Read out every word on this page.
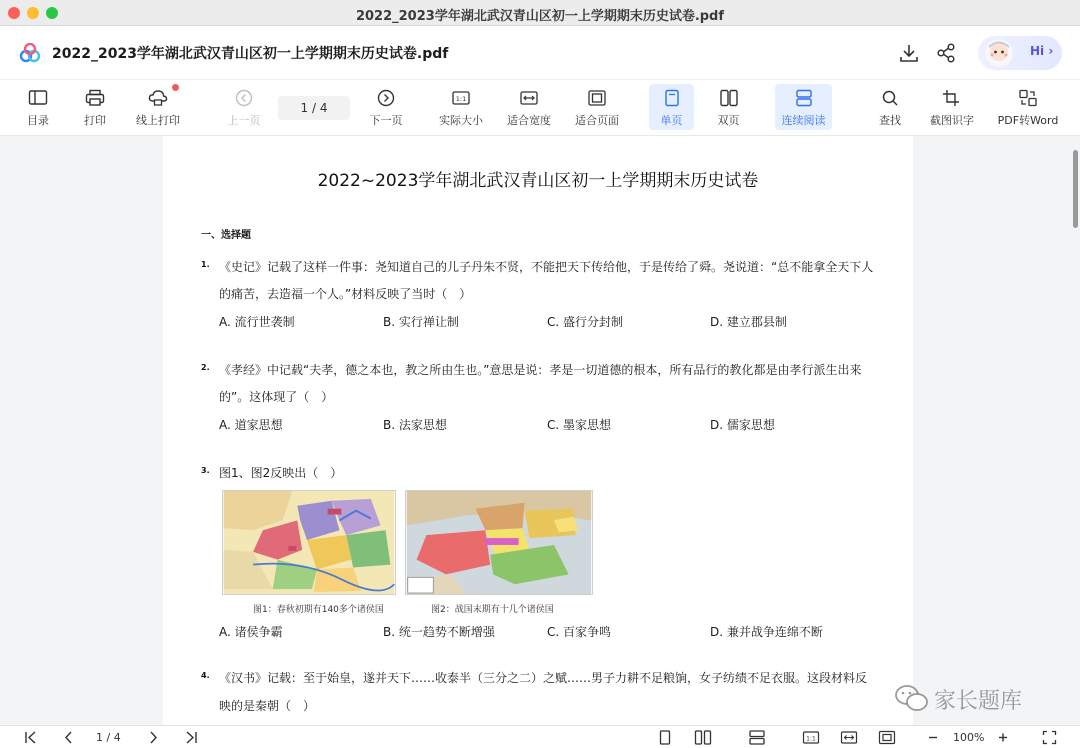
2022_2023学年湖北武汉青山区初一上学期期末历史试卷.pdf
2022_2023学年湖北武汉青山区初一上学期期末历史试卷.pdf	Hi ›
目录	打印	线上打印	上一页
1 / 4
下一页
1:1
实际大小	适合宽度	适合页面	单页	双页	连续阅读	查找	截图识字	PDF转Word
2022~2023学年湖北武汉青山区初一上学期期末历史试卷
一、选择题
1. 《史记》记载了这样一件事：尧知道自己的儿子丹朱不贤，不能把天下传给他，于是传给了舜。尧说道：“总不能拿全天下人
的痛苦，去造福一个人。”材料反映了当时（　）
A. 流行世袭制	B. 实行禅让制	C. 盛行分封制	D. 建立郡县制
2. 《孝经》中记载“夫孝，德之本也，教之所由生也。”意思是说：孝是一切道德的根本，所有品行的教化都是由孝行派生出来
的”。这体现了（　）
A. 道家思想	B. 法家思想	C. 墨家思想	D. 儒家思想
3. 图1、图2反映出（　）
图1：春秋初期有140多个诸侯国	图2：战国末期有十几个诸侯国
A. 诸侯争霸	B. 统一趋势不断增强	C. 百家争鸣	D. 兼并战争连绵不断
4. 《汉书》记载：至于始皇，遂并天下……收泰半（三分之二）之赋……男子力耕不足粮饷，女子纺绩不足衣服。这段材料反
映的是秦朝（　）	家长题库
1 / 4	1:1	100%
